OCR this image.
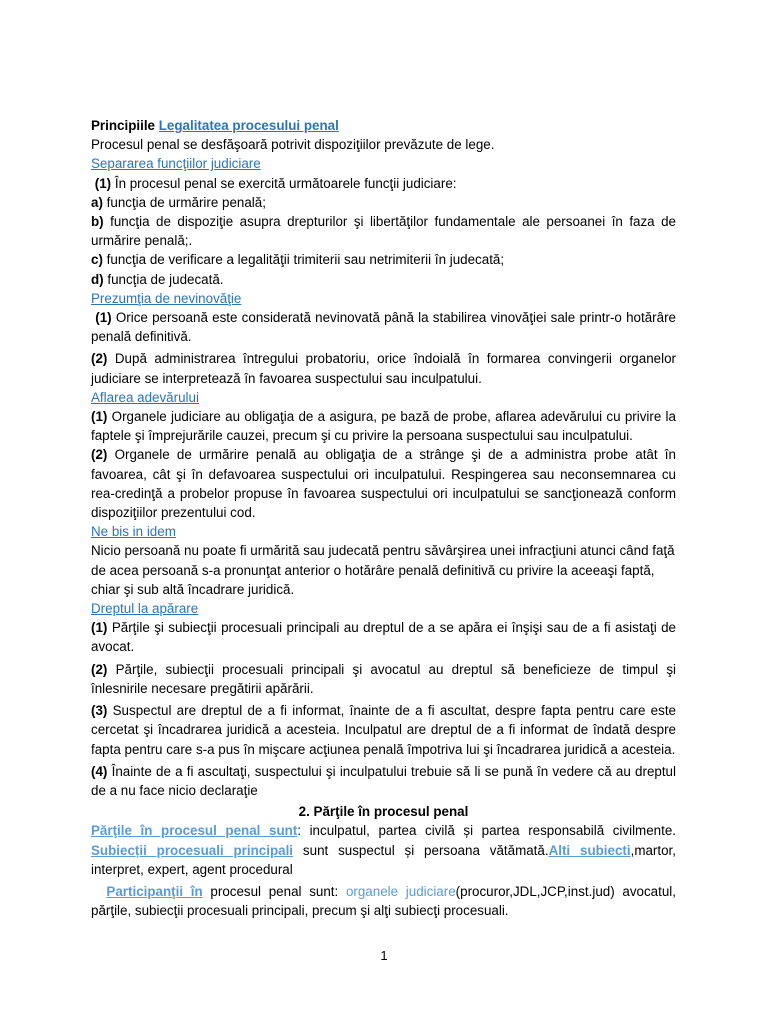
Principiile Legalitatea procesului penal

Procesul penal se desfăşoară potrivit dispoziţiilor prevăzute de lege.

Separarea funcţiilor judiciare

(1) În procesul penal se exercită următoarele funcţii judiciare:

a) funcţia de urmărire penală;

b) funcţia de dispoziţie asupra drepturilor şi libertăţilor fundamentale ale persoanei în faza de urmărire penală;.

c) funcţia de verificare a legalităţii trimiterii sau netrimiterii în judecată;

d) funcţia de judecată.

Prezumţia de nevinovăţie

(1) Orice persoană este considerată nevinovată până la stabilirea vinovăţiei sale printr-o hotărâre penală definitivă.

(2) După administrarea întregului probatoriu, orice îndoială în formarea convingerii organelor judiciare se interpretează în favoarea suspectului sau inculpatului.

Aflarea adevărului

(1) Organele judiciare au obligaţia de a asigura, pe bază de probe, aflarea adevărului cu privire la faptele şi împrejurările cauzei, precum şi cu privire la persoana suspectului sau inculpatului.

(2) Organele de urmărire penală au obligaţia de a strânge şi de a administra probe atât în favoarea, cât şi în defavoarea suspectului ori inculpatului. Respingerea sau neconsemnarea cu rea-credinţă a probelor propuse în favoarea suspectului ori inculpatului se sancţionează conform dispoziţiilor prezentului cod.

Ne bis in idem

Nicio persoană nu poate fi urmărită sau judecată pentru săvârşirea unei infracţiuni atunci când faţă de acea persoană s-a pronunţat anterior o hotărâre penală definitivă cu privire la aceeaşi faptă, chiar şi sub altă încadrare juridică.

Dreptul la apărare

(1) Părţile şi subiecţii procesuali principali au dreptul de a se apăra ei înşişi sau de a fi asistaţi de avocat.

(2) Părţile, subiecţii procesuali principali şi avocatul au dreptul să beneficieze de timpul şi înlesnirile necesare pregătirii apărării.

(3) Suspectul are dreptul de a fi informat, înainte de a fi ascultat, despre fapta pentru care este cercetat şi încadrarea juridică a acesteia. Inculpatul are dreptul de a fi informat de îndată despre fapta pentru care s-a pus în mişcare acţiunea penală împotriva lui şi încadrarea juridică a acesteia.

(4) Înainte de a fi ascultaţi, suspectului şi inculpatului trebuie să li se pună în vedere că au dreptul de a nu face nicio declaraţie

2. Părţile în procesul penal

Părţile în procesul penal sunt: inculpatul, partea civilă și partea responsabilă civilmente. Subiecții procesuali principali sunt suspectul și persoana vătămată.Alti subiecti,martor, interpret, expert, agent procedural

Participanţii în procesul penal sunt: organele judiciare(procuror,JDL,JCP,inst.jud) avocatul, părţile, subiecţii procesuali principali, precum şi alţi subiecţi procesuali.

1
